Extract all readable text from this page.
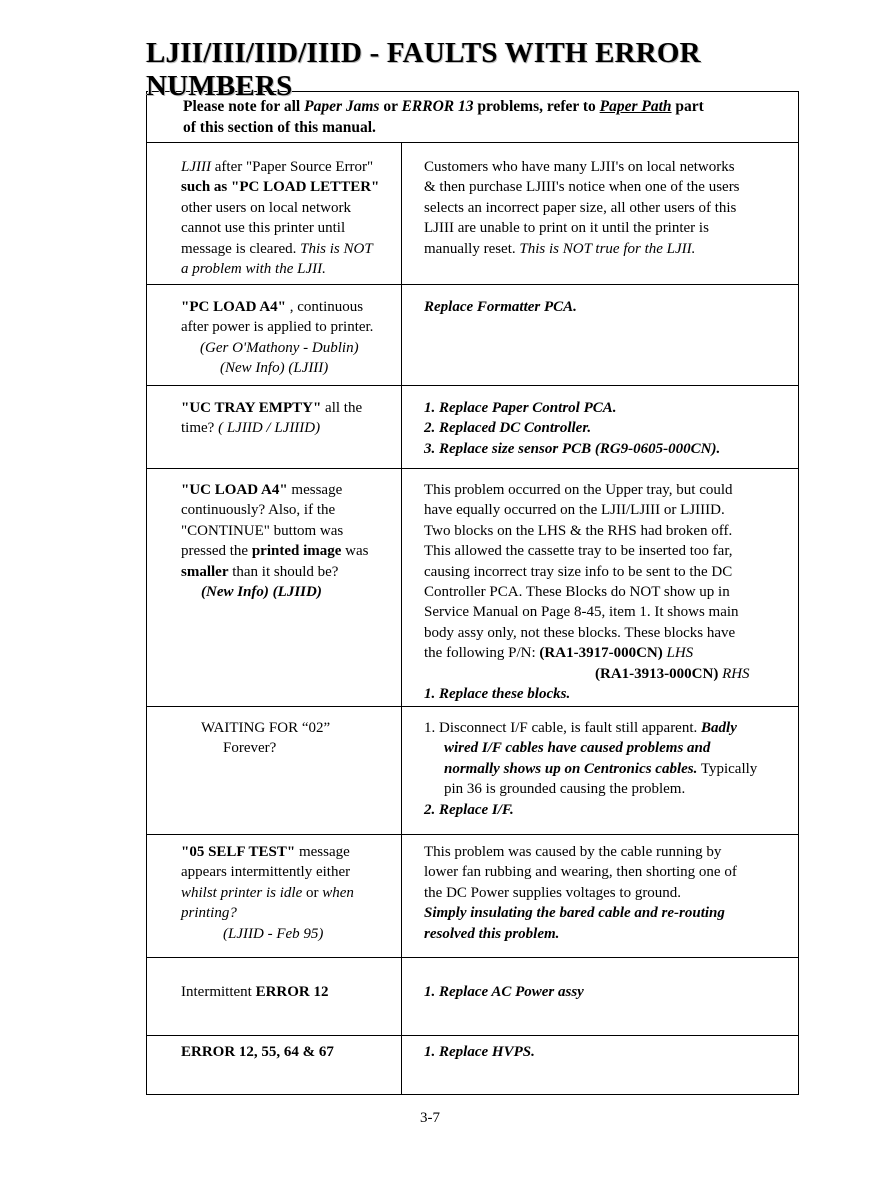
LJII/III/IID/IIID - FAULTS WITH ERROR NUMBERS
Please note for all Paper Jams or ERROR 13 problems, refer to Paper Path part
of this section of this manual.
LJIII after "Paper Source Error"
such as "PC LOAD LETTER"
other users on local network
cannot use this printer until
message is cleared. This is NOT
a problem with the LJII.
Customers who have many LJII's on local networks
& then purchase LJIII's notice when one of the users
selects an incorrect paper size, all other users of this
LJIII are unable to print on it until the printer is
manually reset. This is NOT true for the LJII.
"PC LOAD A4" , continuous
after power is applied to printer.
(Ger O'Mathony - Dublin)
(New Info) (LJIII)
Replace Formatter PCA.
"UC TRAY EMPTY" all the
time? ( LJIID / LJIIID)
1. Replace Paper Control PCA.
2. Replaced DC Controller.
3. Replace size sensor PCB (RG9-0605-000CN).
"UC LOAD A4" message
continuously? Also, if the
"CONTINUE" buttom was
pressed the printed image was
smaller than it should be?
(New Info) (LJIID)
This problem occurred on the Upper tray, but could
have equally occurred on the LJII/LJIII or LJIIID.
Two blocks on the LHS & the RHS had broken off.
This allowed the cassette tray to be inserted too far,
causing incorrect tray size info to be sent to the DC
Controller PCA. These Blocks do NOT show up in
Service Manual on Page 8-45, item 1. It shows main
body assy only, not these blocks. These blocks have
the following P/N: (RA1-3917-000CN) LHS
(RA1-3913-000CN) RHS
1. Replace these blocks.
WAITING FOR “02”
Forever?
1. Disconnect I/F cable, is fault still apparent. Badly
wired I/F cables have caused problems and
normally shows up on Centronics cables. Typically
pin 36 is grounded causing the problem.
2. Replace I/F.
"05 SELF TEST" message
appears intermittently either
whilst printer is idle or when
printing?
(LJIID - Feb 95)
This problem was caused by the cable running by
lower fan rubbing and wearing, then shorting one of
the DC Power supplies voltages to ground.
Simply insulating the bared cable and re-routing
resolved this problem.
Intermittent ERROR 12	1. Replace AC Power assy
ERROR 12, 55, 64 & 67	1. Replace HVPS.
3-7
